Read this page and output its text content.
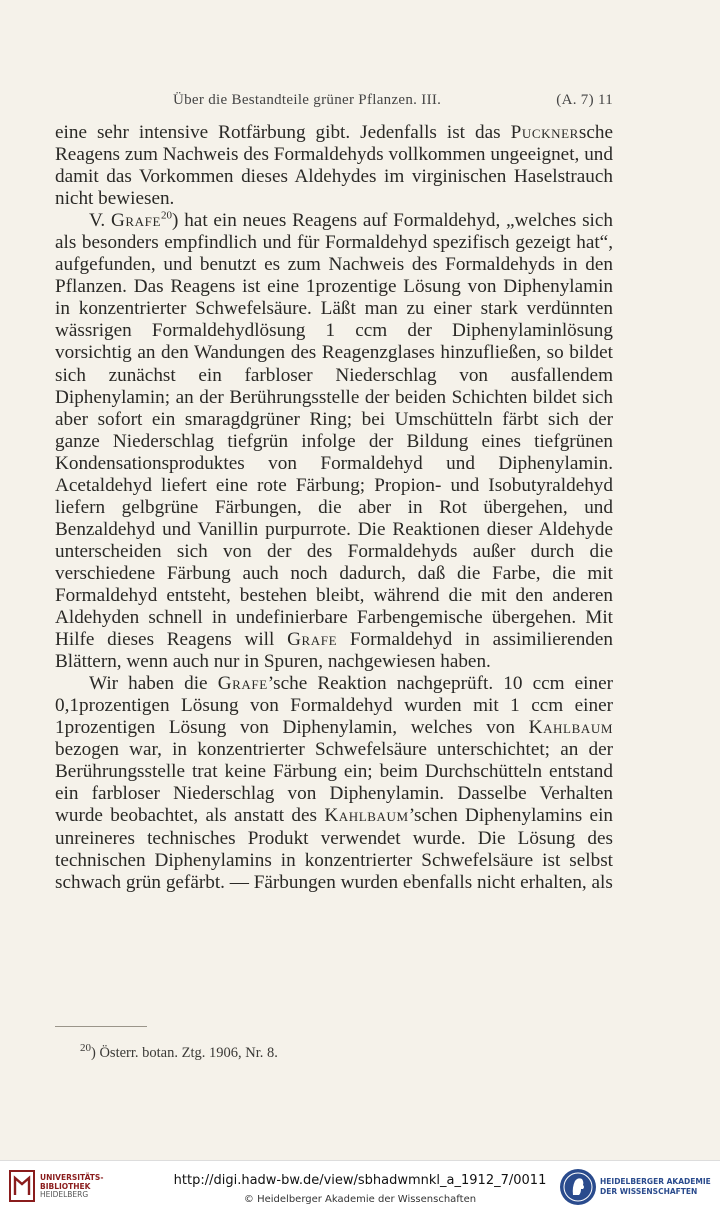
Über die Bestandteile grüner Pflanzen. III.	(A. 7) 11

eine sehr intensive Rotfärbung gibt. Jedenfalls ist das Pucknersche Reagens zum Nachweis des Formaldehyds vollkommen ungeeignet, und damit das Vorkommen dieses Aldehydes im virginischen Haselstrauch nicht bewiesen.

V. Grafe$^{20}$) hat ein neues Reagens auf Formaldehyd, „welches sich als besonders empfindlich und für Formaldehyd spezifisch gezeigt hat“, aufgefunden, und benutzt es zum Nachweis des Formaldehyds in den Pflanzen. Das Reagens ist eine 1prozentige Lösung von Diphenylamin in konzentrierter Schwefelsäure. Läßt man zu einer stark verdünnten wässrigen Formaldehydlösung 1 ccm der Diphenylaminlösung vorsichtig an den Wandungen des Reagenzglases hinzufließen, so bildet sich zunächst ein farbloser Niederschlag von ausfallendem Diphenylamin; an der Berührungsstelle der beiden Schichten bildet sich aber sofort ein smaragdgrüner Ring; bei Umschütteln färbt sich der ganze Niederschlag tiefgrün infolge der Bildung eines tiefgrünen Kondensationsproduktes von Formaldehyd und Diphenylamin. Acetaldehyd liefert eine rote Färbung; Propion- und Isobutyraldehyd liefern gelbgrüne Färbungen, die aber in Rot übergehen, und Benzaldehyd und Vanillin purpurrote. Die Reaktionen dieser Aldehyde unterscheiden sich von der des Formaldehyds außer durch die verschiedene Färbung auch noch dadurch, daß die Farbe, die mit Formaldehyd entsteht, bestehen bleibt, während die mit den anderen Aldehyden schnell in undefinierbare Farbengemische übergehen. Mit Hilfe dieses Reagens will Grafe Formaldehyd in assimilierenden Blättern, wenn auch nur in Spuren, nachgewiesen haben.

Wir haben die Grafe’sche Reaktion nachgeprüft. 10 ccm einer 0,1prozentigen Lösung von Formaldehyd wurden mit 1 ccm einer 1prozentigen Lösung von Diphenylamin, welches von Kahlbaum bezogen war, in konzentrierter Schwefelsäure unterschichtet; an der Berührungsstelle trat keine Färbung ein; beim Durchschütteln entstand ein farbloser Niederschlag von Diphenylamin. Dasselbe Verhalten wurde beobachtet, als anstatt des Kahlbaum’schen Diphenylamins ein unreineres technisches Produkt verwendet wurde. Die Lösung des technischen Diphenylamins in konzentrierter Schwefelsäure ist selbst schwach grün gefärbt. — Färbungen wurden ebenfalls nicht erhalten, als

$^{20}$) Österr. botan. Ztg. 1906, Nr. 8.
UNIVERSITÄTS-
BIBLIOTHEK
HEIDELBERG
http://digi.hadw-bw.de/view/sbhadwmnkl_a_1912_7/0011
© Heidelberger Akademie der Wissenschaften
HEIDELBERGER AKADEMIE
DER WISSENSCHAFTEN
